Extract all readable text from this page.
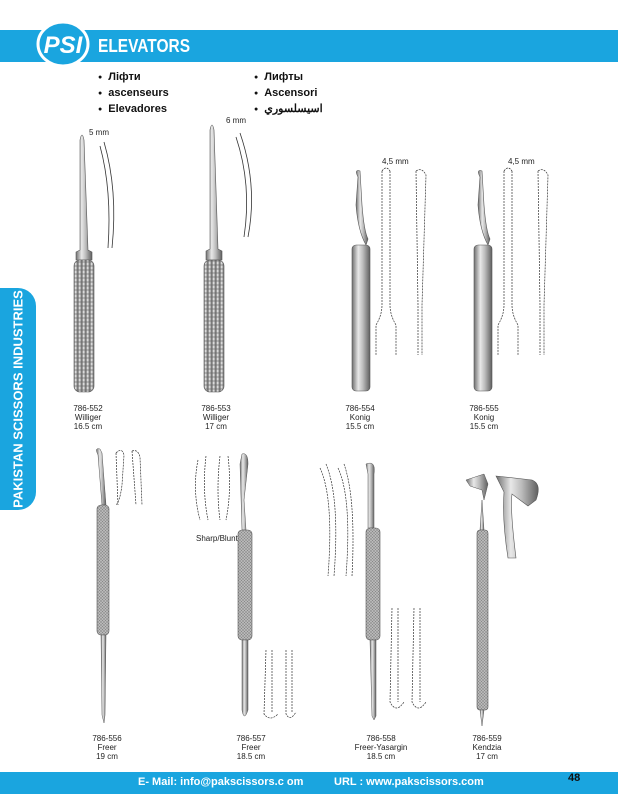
PSI ELEVATORS
● Лiфти
● ascenseurs
● Elevadores
● Лифты
● Ascensori
● اسیسلسوري
PAKISTAN SCISSORS INDUSTRIES
5 mm
786-552
Williger
16.5 cm
6 mm
786-553
Williger
17 cm
4,5 mm
786-554
Konig
15.5 cm
4,5 mm
786-555
Konig
15.5 cm
786-556
Freer
19 cm
Sharp/Blunt
786-557
Freer
18.5 cm
786-558
Freer-Yasargin
18.5 cm
786-559
Kendzia
17 cm
E- Mail: info@pakscissors.c om	URL : www.pakscissors.com	48
